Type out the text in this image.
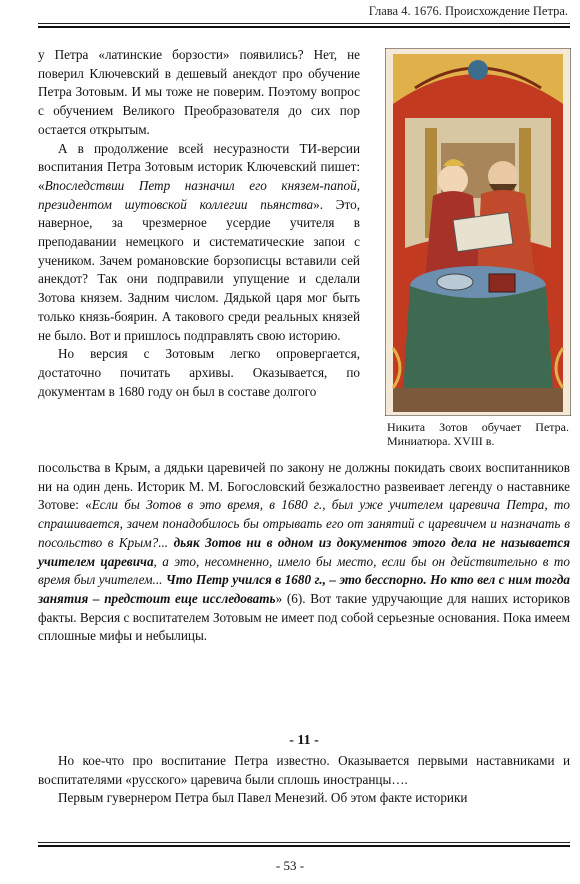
Глава 4. 1676. Происхождение Петра.

у Петра «латинские борзости» появились? Нет, не поверил Ключевский в дешевый анекдот про обучение Петра Зотовым. И мы тоже не поверим. Поэтому вопрос с обучением Великого Преобразователя до сих пор остается открытым.

А в продолжение всей несуразности ТИ-версии воспитания Петра Зотовым историк Ключевский пишет: «Впоследствии Петр назначил его князем-папой, президентом шутовской коллегии пьянства». Это, наверное, за чрезмерное усердие учителя в преподавании немецкого и систематические запои с учеником. Зачем романовские борзописцы вставили сей анекдот? Так они подправили упущение и сделали Зотова князем. Задним числом. Дядькой царя мог быть только князь-боярин. А такового среди реальных князей не было. Вот и пришлось подправлять свою историю.

Но версия с Зотовым легко опровергается, достаточно почитать архивы. Оказывается, по документам в 1680 году он был в составе долгого

Никита Зотов обучает Петра. Миниатюра. XVIII в.

посольства в Крым, а дядьки царевичей по закону не должны покидать своих воспитанников ни на один день. Историк М. М. Богословский безжалостно развеивает легенду о наставнике Зотове: «Если бы Зотов в это время, в 1680 г., был уже учителем царевича Петра, то спрашивается, зачем понадобилось бы отрывать его от занятий с царевичем и назначать в посольство в Крым?... дьяк Зотов ни в одном из документов этого дела не называется учителем царевича, а это, несомненно, имело бы место, если бы он действительно в то время был учителем... Что Петр учился в 1680 г., – это бесспорно. Но кто вел с ним тогда занятия – предстоит еще исследовать» (6). Вот такие удручающие для наших историков факты. Версия с воспитателем Зотовым не имеет под собой серьезные основания. Пока имеем сплошные мифы и небылицы.

- 11 -

Но кое-что про воспитание Петра известно. Оказывается первыми наставниками и воспитателями «русского» царевича были сплошь иностранцы….

Первым гувернером Петра был Павел Менезий. Об этом факте историки

- 53 -
